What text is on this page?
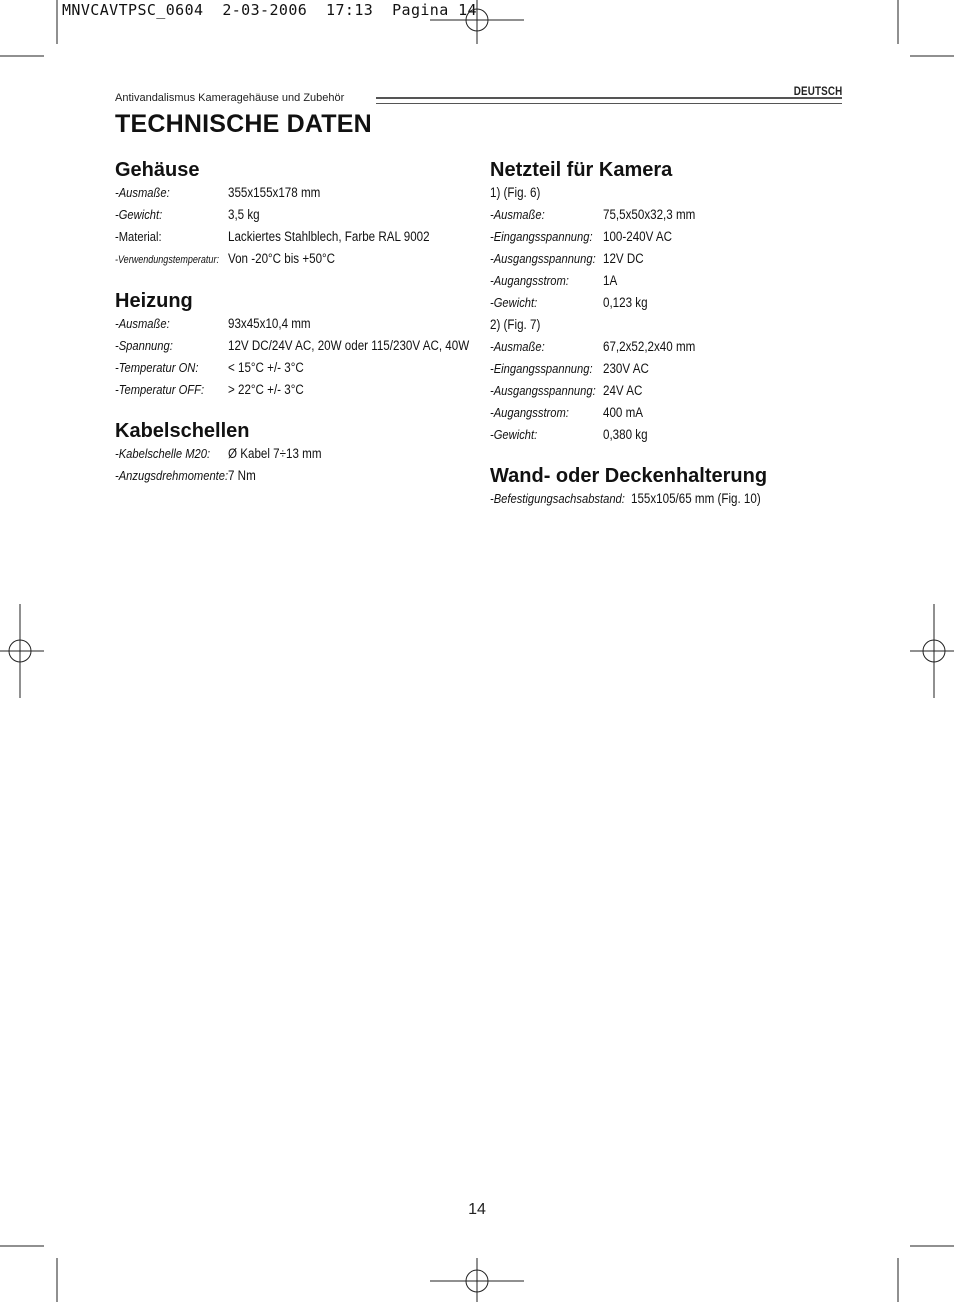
MNVCAVTPSC_0604  2-03-2006  17:13  Pagina 14
Antivandalismus Kameragehäuse und Zubehör	DEUTSCH
TECHNISCHE DATEN
Gehäuse
-Ausmaße:	355x155x178 mm
-Gewicht:	3,5 kg
-Material:	Lackiertes Stahlblech, Farbe RAL 9002
-Verwendungstemperatur: Von -20°C bis +50°C
Heizung
-Ausmaße:	93x45x10,4 mm
-Spannung:	12V DC/24V AC, 20W oder 115/230V AC, 40W
-Temperatur ON:	< 15°C +/- 3°C
-Temperatur OFF:	> 22°C +/- 3°C
Kabelschellen
-Kabelschelle M20:	Ø Kabel 7÷13 mm
-Anzugsdrehmomente: 7 Nm
Netzteil für Kamera
1) (Fig. 6)
-Ausmaße:	75,5x50x32,3 mm
-Eingangsspannung: 100-240V AC
-Ausgangsspannung: 12V DC
-Augangsstrom:	1A
-Gewicht:	0,123 kg
2) (Fig. 7)
-Ausmaße:	67,2x52,2x40 mm
-Eingangsspannung: 230V AC
-Ausgangsspannung: 24V AC
-Augangsstrom:	400 mA
-Gewicht:	0,380 kg
Wand- oder Deckenhalterung
-Befestigungsachsabstand: 155x105/65 mm (Fig. 10)
14
